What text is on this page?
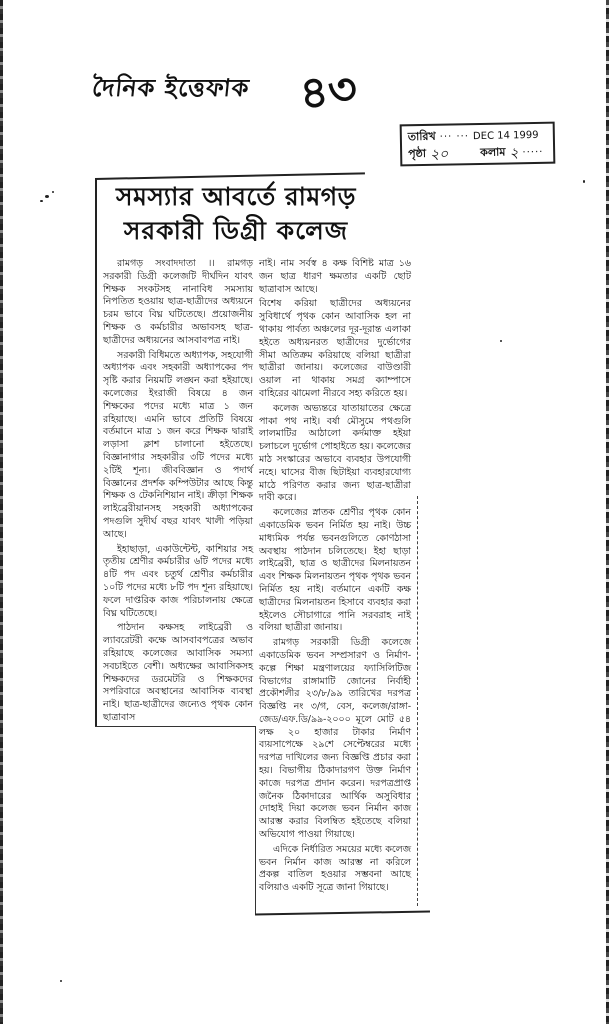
দৈনিক ইত্তেফাক ৪৩
তারিখ ··· ··· DEC 14 1999
পৃষ্ঠা ২০	কলাম ২ ·····
সমস্যার আবর্তে রামগড়
সরকারী ডিগ্রী কলেজ

রামগড় সংবাদদাতা ।। রামগড় সরকারী ডিগ্রী কলেজটি দীর্ঘদিন যাবৎ শিক্ষক সংকটসহ নানাবিধ সমস্যায় নিপতিত হওয়ায় ছাত্র-ছাত্রীদের অধ্যয়নে চরম ভাবে বিঘ্ন ঘটিতেছে। প্রয়োজনীয় শিক্ষক ও কর্মচারীর অভাবসহ ছাত্র-ছাত্রীদের অধ্যয়নের আসবাবপত্র নাই।

সরকারী বিধিমতে অধ্যাপক, সহযোগী অধ্যাপক এবং সহকারী অধ্যাপকের পদ সৃষ্টি করার নিয়মটি লঙ্ঘন করা হইয়াছে। কলেজের ইংরাজী বিষয়ে ৪ জন শিক্ষকের পদের মধ্যে মাত্র ১ জন রহিয়াছে। এমনি ভাবে প্রতিটি বিষয়ে বর্তমানে মাত্র ১ জন করে শিক্ষক দ্বারাই লড়াসা ক্লাশ চালানো হইতেছে। বিজ্ঞানাগার সহকারীর ৩টি পদের মধ্যে ২টিই শূন্য। জীববিজ্ঞান ও পদার্থ বিজ্ঞানের প্রদর্শক কম্পিউটার আছে কিন্তু শিক্ষক ও টেকনিশিয়ান নাই। ক্রীড়া শিক্ষক লাইব্রেরীয়ানসহ সহকারী অধ্যাপকের পদগুলি সুদীর্ঘ বছর যাবৎ খালী পড়িয়া আছে।

ইহাছাড়া, একাউন্টেন্ট, কাশিয়ার সহ তৃতীয় শ্রেণীর কর্মচারীর ৬টি পদের মধ্যে ৪টি পদ এবং চতুর্থ শ্রেণীর কর্মচারীর ১০টি পদের মধ্যে ৮টি পদ শূন্য রহিয়াছে। ফলে দাপ্তরিক কাজ পরিচালনায় ক্ষেত্রে বিঘ্ন ঘটিতেছে।

পাঠদান কক্ষসহ লাইব্রেরী ও ল্যাবরেটরী কক্ষে আসবাবপত্রের অভাব রহিয়াছে কলেজের আবাসিক সমস্যা সবচাইতে বেশী। অধ্যক্ষের আবাসিকসহ শিক্ষকদের ডরমেটরি ও শিক্ষকদের সপরিবারে অবস্থানের আবাসিক ব্যবস্থা নাই। ছাত্র-ছাত্রীদের জন্যেও পৃথক কোন ছাত্রাবাস

নাই। নাম সর্বস্ব ৪ কক্ষ বিশিষ্ট মাত্র ১৬ জন ছাত্র ধারণ ক্ষমতার একটি ছোট ছাত্রাবাস আছে।

বিশেষ করিয়া ছাত্রীদের অধ্যয়নের সুবিধার্থে পৃথক কোন আবাসিক হল না থাকায় পার্বত্য অঞ্চলের দূর-দূরান্ত এলাকা হইতে অধ্যয়নরত ছাত্রীদের দুর্ভোগের সীমা অতিক্রম করিয়াছে বলিয়া ছাত্রীরা ছাত্রীরা জানায়। কলেজের বাউণ্ডারী ওয়াল না থাকায় সমগ্র ক্যাম্পাসে বাহিরের ঝামেলা নীরবে সহ্য করিতে হয়।

কলেজ অভ্যন্তরে যাতায়াতের ক্ষেত্রে পাকা পথ নাই। বর্ষা মৌসুমে পথগুলি লালমাটির আঠালো কর্দমাক্ত হইয়া চলাচলে দুর্ভোগ পোহাইতে হয়। কলেজের মাঠ সংস্কারের অভাবে ব্যবহার উপযোগী নহে। ঘাসের বীজ ছিটাইয়া ব্যবহারযোগ্য মাঠে পরিণত করার জন্য ছাত্র-ছাত্রীরা দাবী করে।

কলেজের স্নাতক শ্রেণীর পৃথক কোন একাডেমিক ভবন নির্মিত হয় নাই। উচ্চ মাধ্যমিক পর্যন্ত ভবনগুলিতে কোণঠাসা অবস্থায় পাঠদান চলিতেছে। ইহা ছাড়া লাইব্রেরী, ছাত্র ও ছাত্রীদের মিলনায়তন এবং শিক্ষক মিলনায়তন পৃথক পৃথক ভবন নির্মিত হয় নাই। বর্তমানে একটি কক্ষ ছাত্রীদের মিলনায়তন হিসাবে ব্যবহার করা হইলেও সৌচাগারে পানি সরবরাহ নাই বলিয়া ছাত্রীরা জানায়।

রামগড় সরকারী ডিগ্রী কলেজে একাডেমিক ভবন সম্প্রসারণ ও নির্মাণ-কল্পে শিক্ষা মন্ত্রণালয়ের ফ্যাসিলিটিজ বিভাগের রাঙ্গামাটি জোনের নির্বাহী প্রকৌশলীর ২৩/৮/৯৯ তারিখের দরপত্র বিজ্ঞপ্তি নং ৩/গ, বেস, কলেজ/রাঙ্গা-জেড/এফ.ডি/৯৯-২০০০ মূলে মোট ৫৪ লক্ষ ২০ হাজার টাকার নির্মাণ ব্যয়সাপেক্ষে ২৯শে সেপ্টেম্বরের মধ্যে দরপত্র দাখিলের জন্য বিজ্ঞপ্তি প্রচার করা হয়। বিভাগীয় ঠিকাদারগণ উক্ত নির্মাণ কাজে দরপত্র প্রদান করেন। দরপত্রপ্রাপ্ত জনৈক ঠিকাদারের আর্থিক অসুবিধার দোহাই দিয়া কলেজ ভবন নির্মান কাজ আরম্ভ করার বিলম্বিত হইতেছে বলিয়া অভিযোগ পাওয়া গিয়াছে।

এদিকে নির্ধারিত সময়ের মধ্যে কলেজ ভবন নির্মান কাজ আরম্ভ না করিলে প্রকল্প বাতিল হওয়ার সম্ভবনা আছে বলিয়াও একটি সূত্রে জানা গিয়াছে।
